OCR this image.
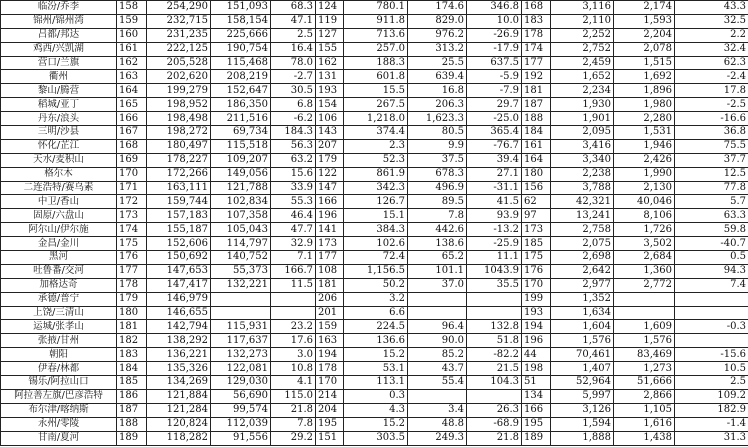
临汾/乔李	158	254,290	151,093	68.3	124	780.1	174.6	346.8	168	3,116	2,174	43.3
锦州/锦州湾	159	232,715	158,154	47.1	119	911.8	829.0	10.0	183	2,110	1,593	32.5
吕都/邦达	160	231,235	225,666	2.5	127	713.6	976.2	-26.9	178	2,252	2,204	2.2
鸡西/兴凯湖	161	222,125	190,754	16.4	155	257.0	313.2	-17.9	174	2,752	2,078	32.4
营口/兰旗	162	205,528	115,468	78.0	162	188.3	25.5	637.5	177	2,459	1,515	62.3
衢州	163	202,620	208,219	-2.7	131	601.8	639.4	-5.9	192	1,652	1,692	-2.4
黎山/腾营	164	199,279	152,647	30.5	193	15.5	16.8	-7.9	181	2,234	1,896	17.8
稻城/亚丁	165	198,952	186,350	6.8	154	267.5	206.3	29.7	187	1,930	1,980	-2.5
丹东/浪头	166	198,498	211,516	-6.2	106	1,218.0	1,623.3	-25.0	188	1,901	2,280	-16.6
三明/沙县	167	198,272	69,734	184.3	143	374.4	80.5	365.4	184	2,095	1,531	36.8
怀化/芷江	168	180,497	115,518	56.3	207	2.3	9.9	-76.7	161	3,416	1,946	75.5
天水/麦积山	169	178,227	109,207	63.2	179	52.3	37.5	39.4	164	3,340	2,426	37.7
格尔木	170	172,266	149,056	15.6	122	861.9	678.3	27.1	180	2,238	1,990	12.5
二连浩特/赛乌素	171	163,111	121,788	33.9	147	342.3	496.9	-31.1	156	3,788	2,130	77.8
中卫/香山	172	159,744	102,834	55.3	166	126.7	89.5	41.5	62	42,321	40,046	5.7
固原/六盘山	173	157,183	107,358	46.4	196	15.1	7.8	93.9	97	13,241	8,106	63.3
阿尔山/伊尔施	174	155,187	105,043	47.7	141	384.3	442.6	-13.2	173	2,758	1,726	59.8
金昌/金川	175	152,606	114,797	32.9	173	102.6	138.6	-25.9	185	2,075	3,502	-40.7
黑河	176	150,692	140,752	7.1	177	72.4	65.2	11.1	175	2,698	2,684	0.5
吐鲁番/交河	177	147,653	55,373	166.7	108	1,156.5	101.1	1043.9	176	2,642	1,360	94.3
加格达奇	178	147,417	132,221	11.5	181	50.2	37.0	35.5	170	2,977	2,772	7.4
承德/普宁	179	146,979			206	3.2			199	1,352		
上饶/三清山	180	146,655			201	6.6			193	1,634		
运城/张孝山	181	142,794	115,931	23.2	159	224.5	96.4	132.8	194	1,604	1,609	-0.3
张掖/甘州	182	138,292	117,637	17.6	163	136.6	90.0	51.8	196	1,576	1,576	
朝阳	183	136,221	132,273	3.0	194	15.2	85.2	-82.2	44	70,461	83,469	-15.6
伊春/林都	184	135,326	122,081	10.8	178	53.1	43.7	21.5	198	1,407	1,273	10.5
锡乐/阿拉山口	185	134,269	129,030	4.1	170	113.1	55.4	104.3	51	52,964	51,666	2.5
阿拉善左旗/巴彦浩特	186	121,884	56,690	115.0	214	0.3			134	5,997	2,866	109.2
布尔津/喀纳斯	187	121,284	99,574	21.8	204	4.3	3.4	26.3	166	3,126	1,105	182.9
永州/零陵	188	120,824	112,039	7.8	195	15.2	48.8	-68.9	195	1,594	1,616	-1.4
甘南/夏河	189	118,282	91,556	29.2	151	303.5	249.3	21.8	189	1,888	1,438	31.3
